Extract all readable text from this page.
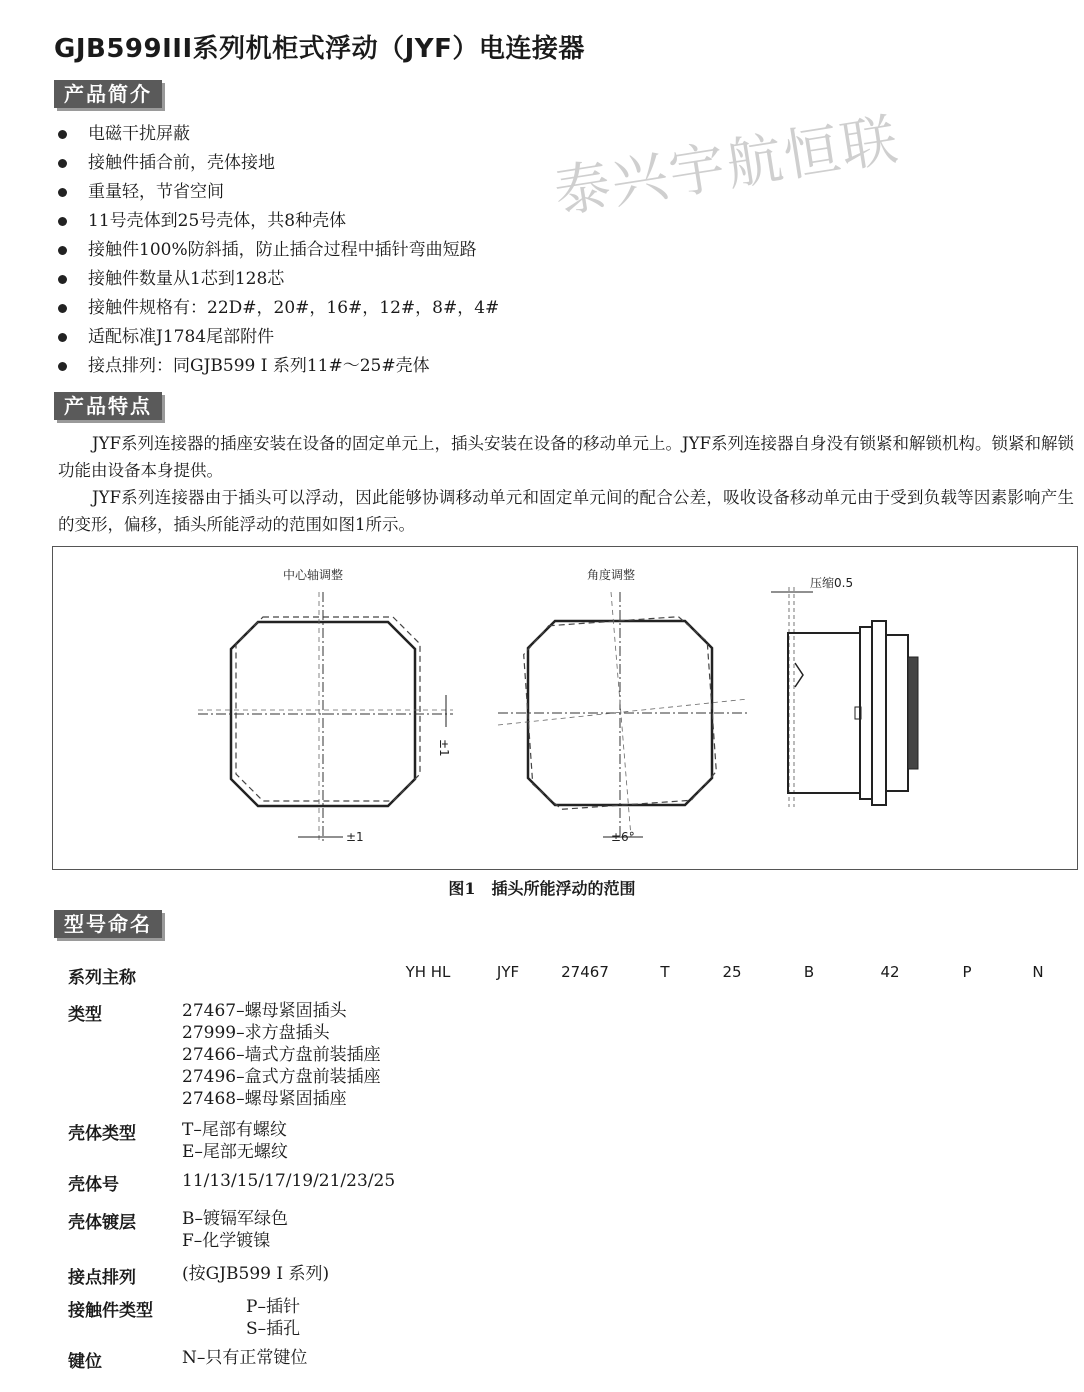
GJB599III系列机柜式浮动（JYF）电连接器
产品简介
电磁干扰屏蔽
接触件插合前，壳体接地
重量轻，节省空间
11号壳体到25号壳体，共8种壳体
接触件100%防斜插，防止插合过程中插针弯曲短路
接触件数量从1芯到128芯
接触件规格有：22D#，20#，16#，12#，8#，4#
适配标准J1784尾部附件
接点排列：同GJB599 I 系列11#～25#壳体
泰兴宇航恒联
产品特点
JYF系列连接器的插座安装在设备的固定单元上，插头安装在设备的移动单元上。JYF系列连接器自身没有锁紧和解锁机构。锁紧和解锁功能由设备本身提供。
JYF系列连接器由于插头可以浮动，因此能够协调移动单元和固定单元间的配合公差，吸收设备移动单元由于受到负载等因素影响产生的变形，偏移，插头所能浮动的范围如图1所示。
中心轴调整
±1
±1
角度调整
±6°
压缩0.5
图1　插头所能浮动的范围
型号命名
系列主称	YH HL	JYF	27467	T	25	B	42	P	N
类型	27467–螺母紧固插头
27999–求方盘插头
27466–墙式方盘前装插座
27496–盒式方盘前装插座
27468–螺母紧固插座
壳体类型	T–尾部有螺纹
E–尾部无螺纹
壳体号	11/13/15/17/19/21/23/25
壳体镀层	B–镀镉军绿色
F–化学镀镍
接点排列	(按GJB599 I 系列)
接触件类型	P–插针
S–插孔
键位	N–只有正常键位
